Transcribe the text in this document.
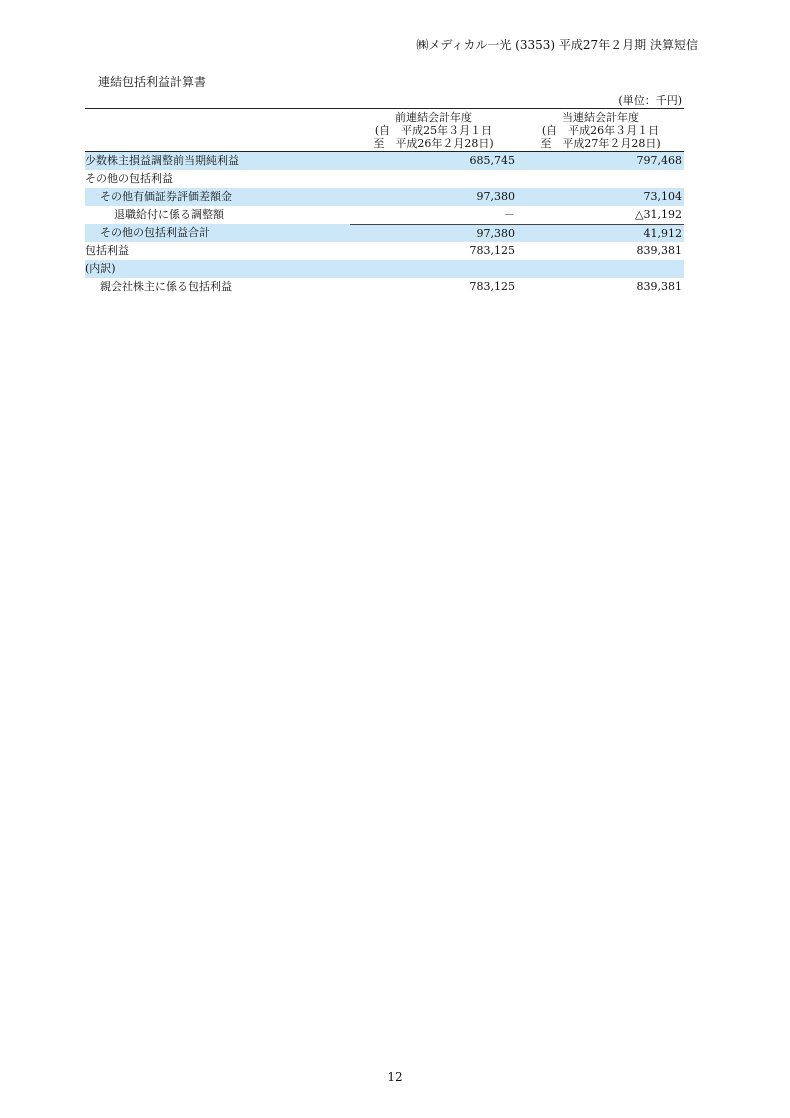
㈱メディカル一光 (3353) 平成27年２月期 決算短信
連結包括利益計算書
(単位：千円)
前連結会計年度
(自　平成25年３月１日
至　平成26年２月28日)
当連結会計年度
(自　平成26年３月１日
至　平成27年２月28日)
少数株主損益調整前当期純利益	685,745	797,468
その他の包括利益
その他有価証券評価差額金	97,380	73,104
退職給付に係る調整額	－	△31,192
その他の包括利益合計	97,380	41,912
包括利益	783,125	839,381
(内訳)
親会社株主に係る包括利益	783,125	839,381
12
